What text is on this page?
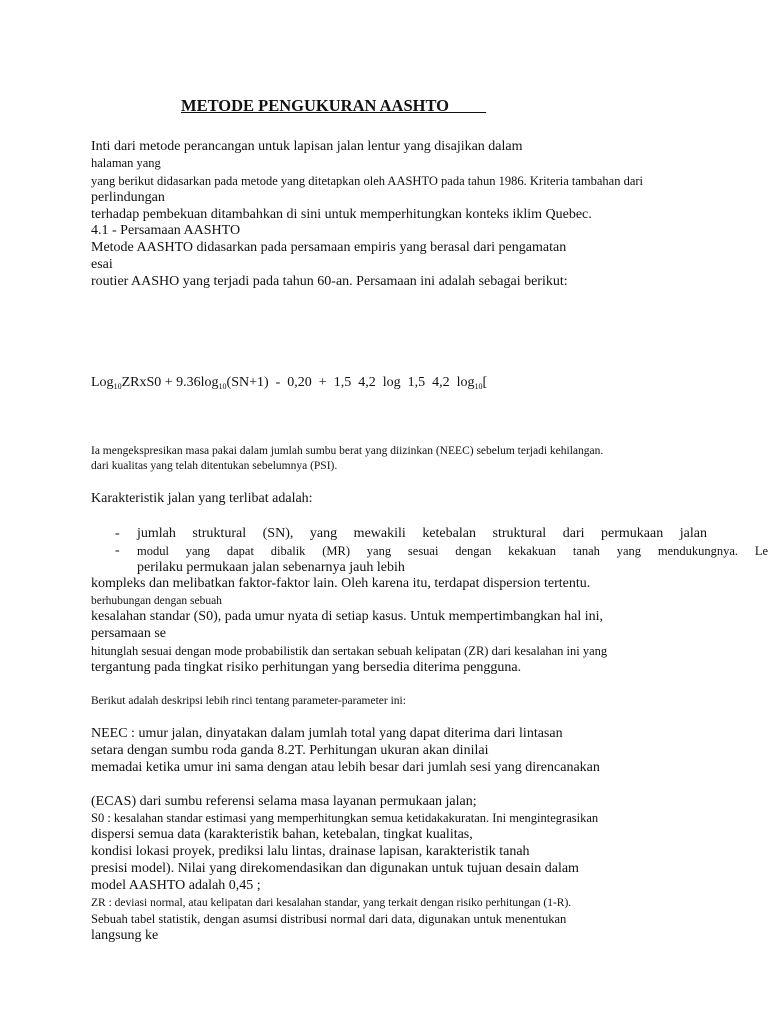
METODE PENGUKURAN AASHTO
Inti dari metode perancangan untuk lapisan jalan lentur yang disajikan dalam
halaman yang
yang berikut didasarkan pada metode yang ditetapkan oleh AASHTO pada tahun 1986. Kriteria tambahan dari
perlindungan
terhadap pembekuan ditambahkan di sini untuk memperhitungkan konteks iklim Quebec.
4.1 - Persamaan AASHTO
Metode AASHTO didasarkan pada persamaan empiris yang berasal dari pengamatan
esai
routier AASHO yang terjadi pada tahun 60-an. Persamaan ini adalah sebagai berikut:
Log$_{10}$ZRxS0 + $9.36\log_{10}(SN+1) - 0,20 + 1,5$  4,2  log  1,5  4,2  $\log_{10}$[
Ia mengekspresikan masa pakai dalam jumlah sumbu berat yang diizinkan (NEEC) sebelum terjadi kehilangan.
dari kualitas yang telah ditentukan sebelumnya (PSI).
Karakteristik jalan yang terlibat adalah:
- jumlah struktural (SN), yang mewakili ketebalan struktural dari permukaan jalan
- modul yang dapat dibalik (MR) yang sesuai dengan kekakuan tanah yang mendukungnya. Le
perilaku permukaan jalan sebenarnya jauh lebih
kompleks dan melibatkan faktor-faktor lain. Oleh karena itu, terdapat dispersion tertentu.
berhubungan dengan sebuah
kesalahan standar (S0), pada umur nyata di setiap kasus. Untuk mempertimbangkan hal ini,
persamaan se
hitunglah sesuai dengan mode probabilistik dan sertakan sebuah kelipatan (ZR) dari kesalahan ini yang
tergantung pada tingkat risiko perhitungan yang bersedia diterima pengguna.
Berikut adalah deskripsi lebih rinci tentang parameter-parameter ini:
NEEC : umur jalan, dinyatakan dalam jumlah total yang dapat diterima dari lintasan
setara dengan sumbu roda ganda 8.2T. Perhitungan ukuran akan dinilai
memadai ketika umur ini sama dengan atau lebih besar dari jumlah sesi yang direncanakan
(ECAS) dari sumbu referensi selama masa layanan permukaan jalan;
S0 : kesalahan standar estimasi yang memperhitungkan semua ketidakakuratan. Ini mengintegrasikan
dispersi semua data (karakteristik bahan, ketebalan, tingkat kualitas,
kondisi lokasi proyek, prediksi lalu lintas, drainase lapisan, karakteristik tanah
presisi model). Nilai yang direkomendasikan dan digunakan untuk tujuan desain dalam
model AASHTO adalah 0,45 ;
ZR : deviasi normal, atau kelipatan dari kesalahan standar, yang terkait dengan risiko perhitungan (1-R).
Sebuah tabel statistik, dengan asumsi distribusi normal dari data, digunakan untuk menentukan
langsung ke
